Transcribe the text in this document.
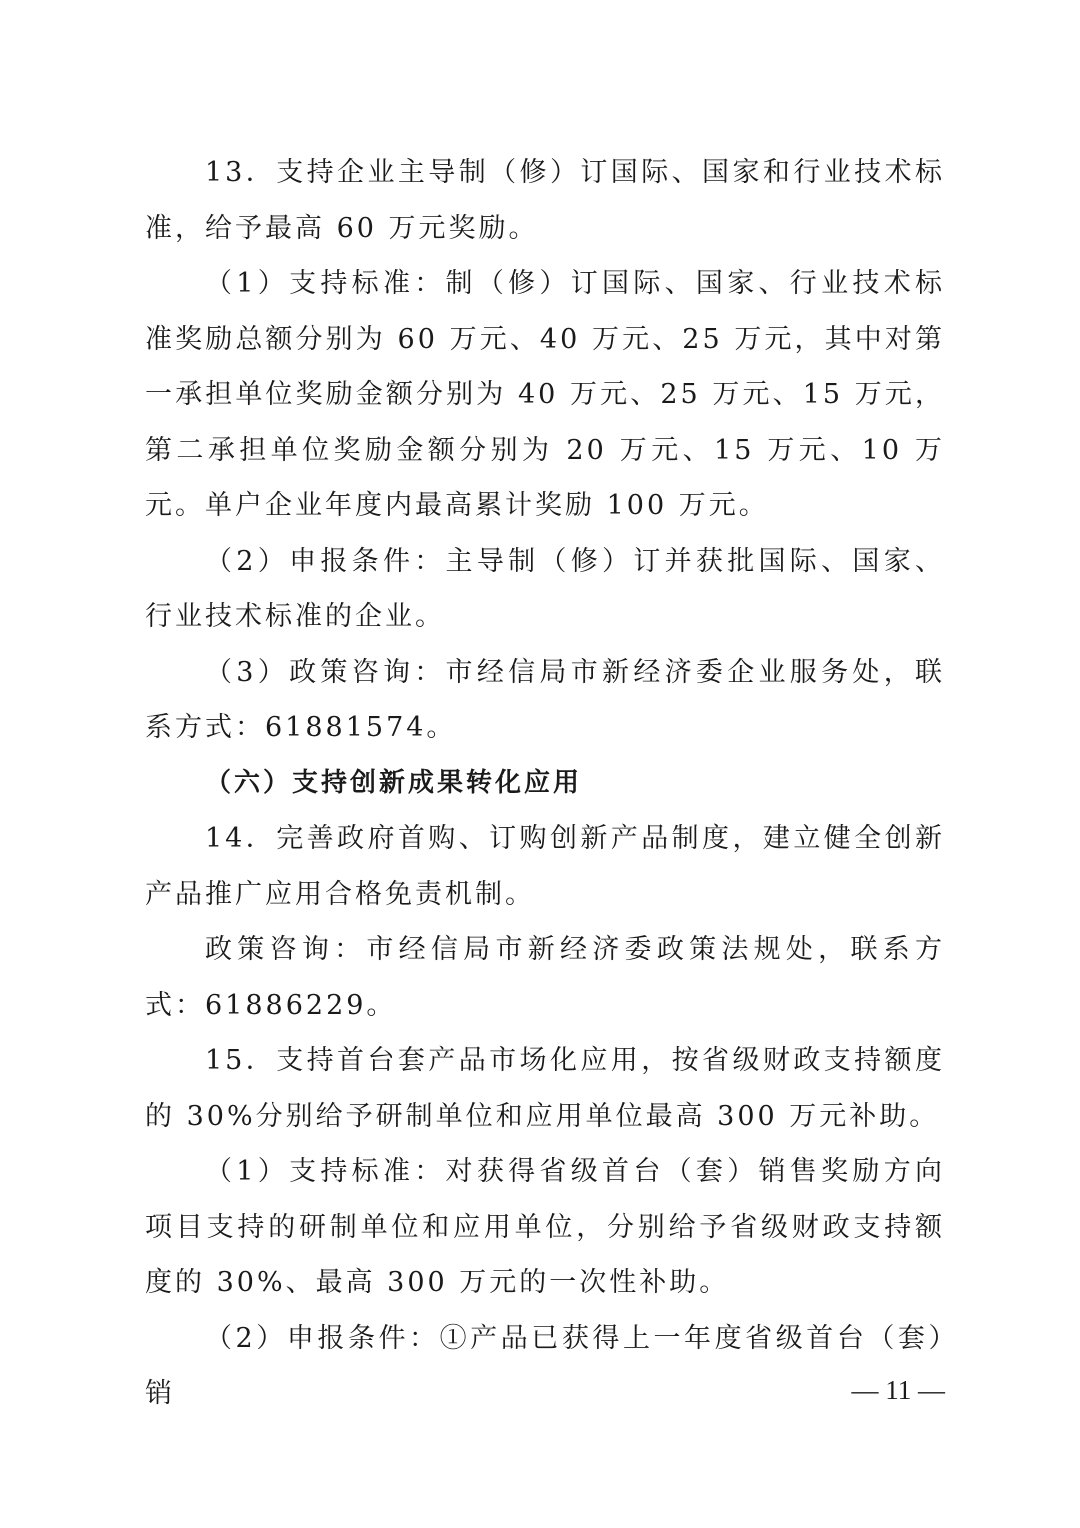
13．支持企业主导制（修）订国际、国家和行业技术标准，给予最高 60 万元奖励。

（1）支持标准：制（修）订国际、国家、行业技术标准奖励总额分别为 60 万元、40 万元、25 万元，其中对第一承担单位奖励金额分别为 40 万元、25 万元、15 万元，第二承担单位奖励金额分别为 20 万元、15 万元、10 万元。单户企业年度内最高累计奖励 100 万元。

（2）申报条件：主导制（修）订并获批国际、国家、行业技术标准的企业。

（3）政策咨询：市经信局市新经济委企业服务处，联系方式：61881574。

（六）支持创新成果转化应用

14．完善政府首购、订购创新产品制度，建立健全创新产品推广应用合格免责机制。

政策咨询：市经信局市新经济委政策法规处，联系方式：61886229。

15．支持首台套产品市场化应用，按省级财政支持额度的 30%分别给予研制单位和应用单位最高 300 万元补助。

（1）支持标准：对获得省级首台（套）销售奖励方向项目支持的研制单位和应用单位，分别给予省级财政支持额度的 30%、最高 300 万元的一次性补助。

（2）申报条件：①产品已获得上一年度省级首台（套）销	— 11 —
